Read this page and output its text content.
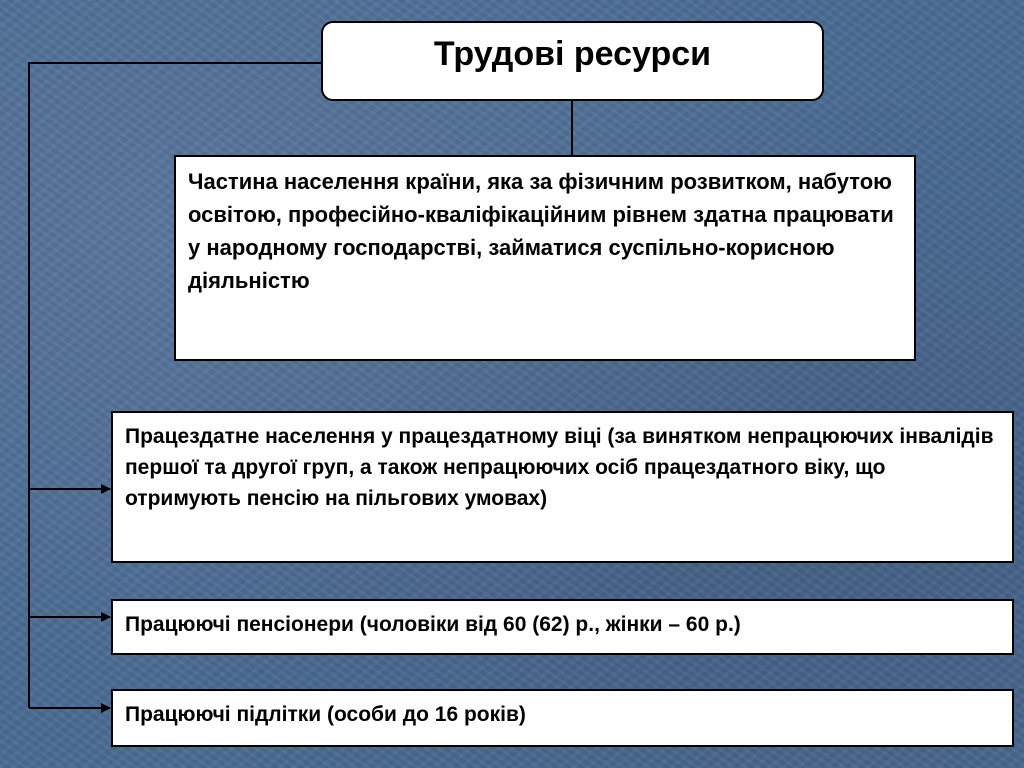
Трудові ресурси
Частина населення країни, яка за фізичним розвитком, набутою освітою, професійно-кваліфікаційним рівнем здатна працювати у народному господарстві, займатися суспільно-корисною діяльністю
Працездатне населення у працездатному віці (за винятком непрацюючих інвалідів першої та другої груп, а також непрацюючих осіб працездатного віку, що отримують пенсію на пільгових умовах)
Працюючі пенсіонери (чоловіки від 60 (62) р., жінки – 60 р.)
Працюючі підлітки (особи до 16 років)
